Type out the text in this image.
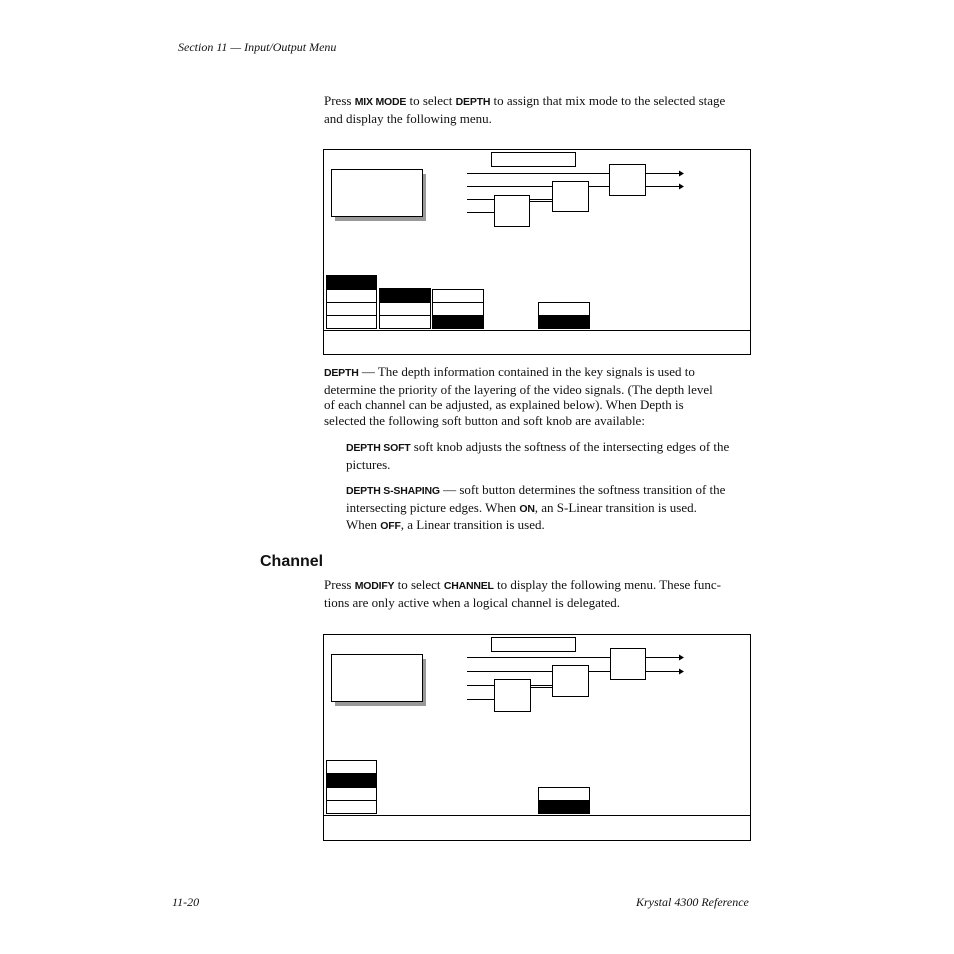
Section 11 — Input/Output Menu
Press MIX MODE to select DEPTH to assign that mix mode to the selected stage
and display the following menu.
DEPTH — The depth information contained in the key signals is used to
determine the priority of the layering of the video signals. (The depth level
of each channel can be adjusted, as explained below). When Depth is
selected the following soft button and soft knob are available:
DEPTH SOFT soft knob adjusts the softness of the intersecting edges of the
pictures.
DEPTH S-SHAPING — soft button determines the softness transition of the
intersecting picture edges. When ON, an S-Linear transition is used.
When OFF, a Linear transition is used.
Channel
Press MODIFY to select CHANNEL to display the following menu. These func-
tions are only active when a logical channel is delegated.
11-20	Krystal 4300 Reference
